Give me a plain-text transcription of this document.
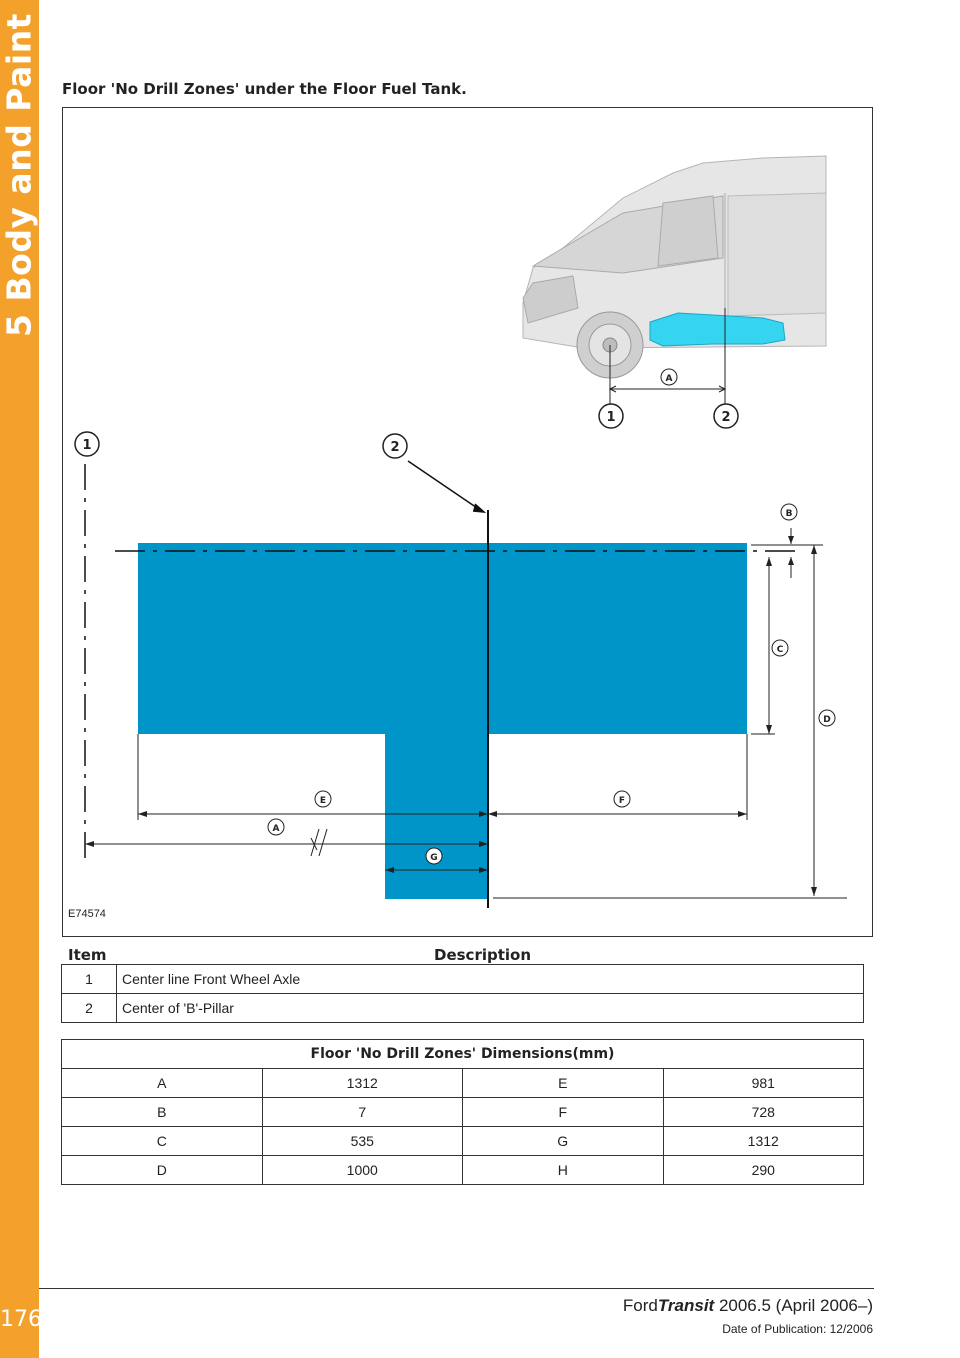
5 Body and Paint
176
Floor 'No Drill Zones' under the Floor Fuel Tank.
1	2
1	2
A
B
C
D
E	F
A
G
E74574
Item	Description
1	Center line Front Wheel Axle
2	Center of 'B'-Pillar
Floor 'No Drill Zones' Dimensions(mm)			
A	1312	E	981
B	7	F	728
C	535	G	1312
D	1000	H	290
FordTransit 2006.5 (April 2006–)
Date of Publication: 12/2006
